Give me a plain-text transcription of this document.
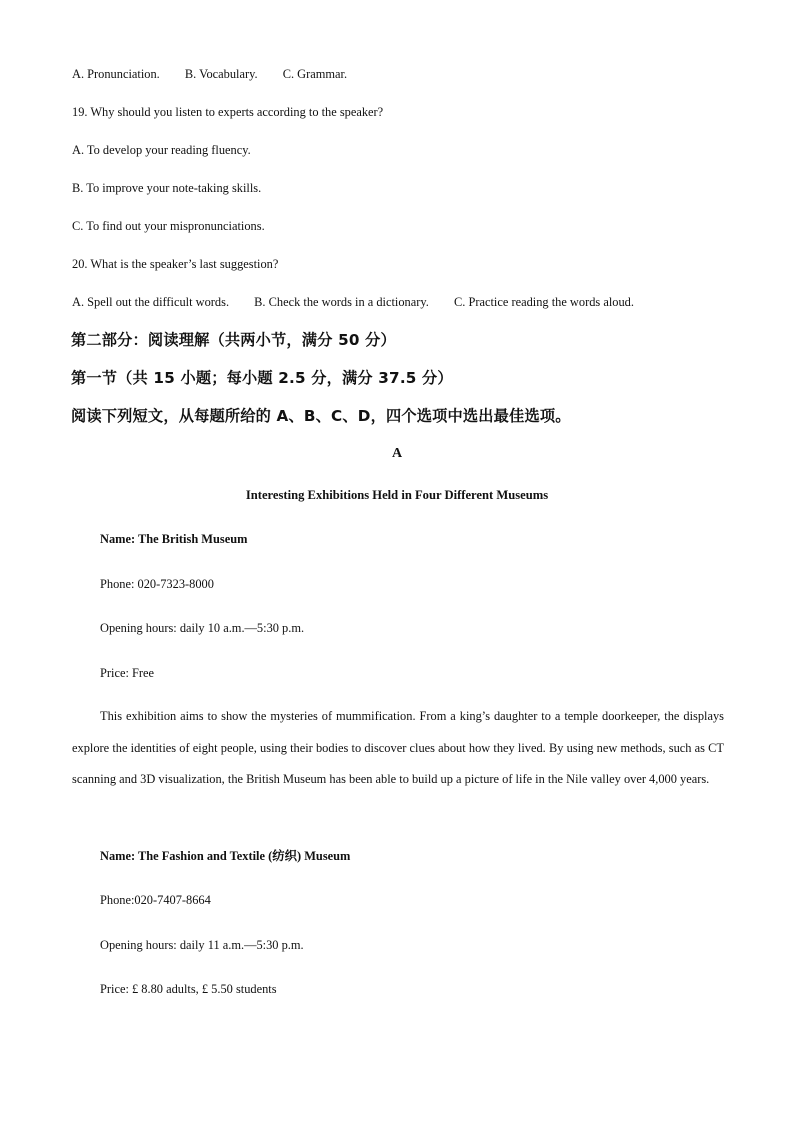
A. Pronunciation. B. Vocabulary. C. Grammar.
19. Why should you listen to experts according to the speaker?
A. To develop your reading fluency.
B. To improve your note-taking skills.
C. To find out your mispronunciations.
20. What is the speaker’s last suggestion?
A. Spell out the difficult words. B. Check the words in a dictionary. C. Practice reading the words aloud.
第二部分：阅读理解（共两小节，满分 50 分）
第一节（共 15 小题；每小题 2.5 分，满分 37.5 分）
阅读下列短文，从每题所给的 A、B、C、D，四个选项中选出最佳选项。
A
Interesting Exhibitions Held in Four Different Museums
Name: The British Museum
Phone: 020-7323-8000
Opening hours: daily 10 a.m.—5:30 p.m.
Price: Free
This exhibition aims to show the mysteries of mummification. From a king’s daughter to a temple doorkeeper, the displays explore the identities of eight people, using their bodies to discover clues about how they lived. By using new methods, such as CT scanning and 3D visualization, the British Museum has been able to build up a picture of life in the Nile valley over 4,000 years.
Name: The Fashion and Textile (纺织) Museum
Phone:020-7407-8664
Opening hours: daily 11 a.m.—5:30 p.m.
Price: £ 8.80 adults, £ 5.50 students
